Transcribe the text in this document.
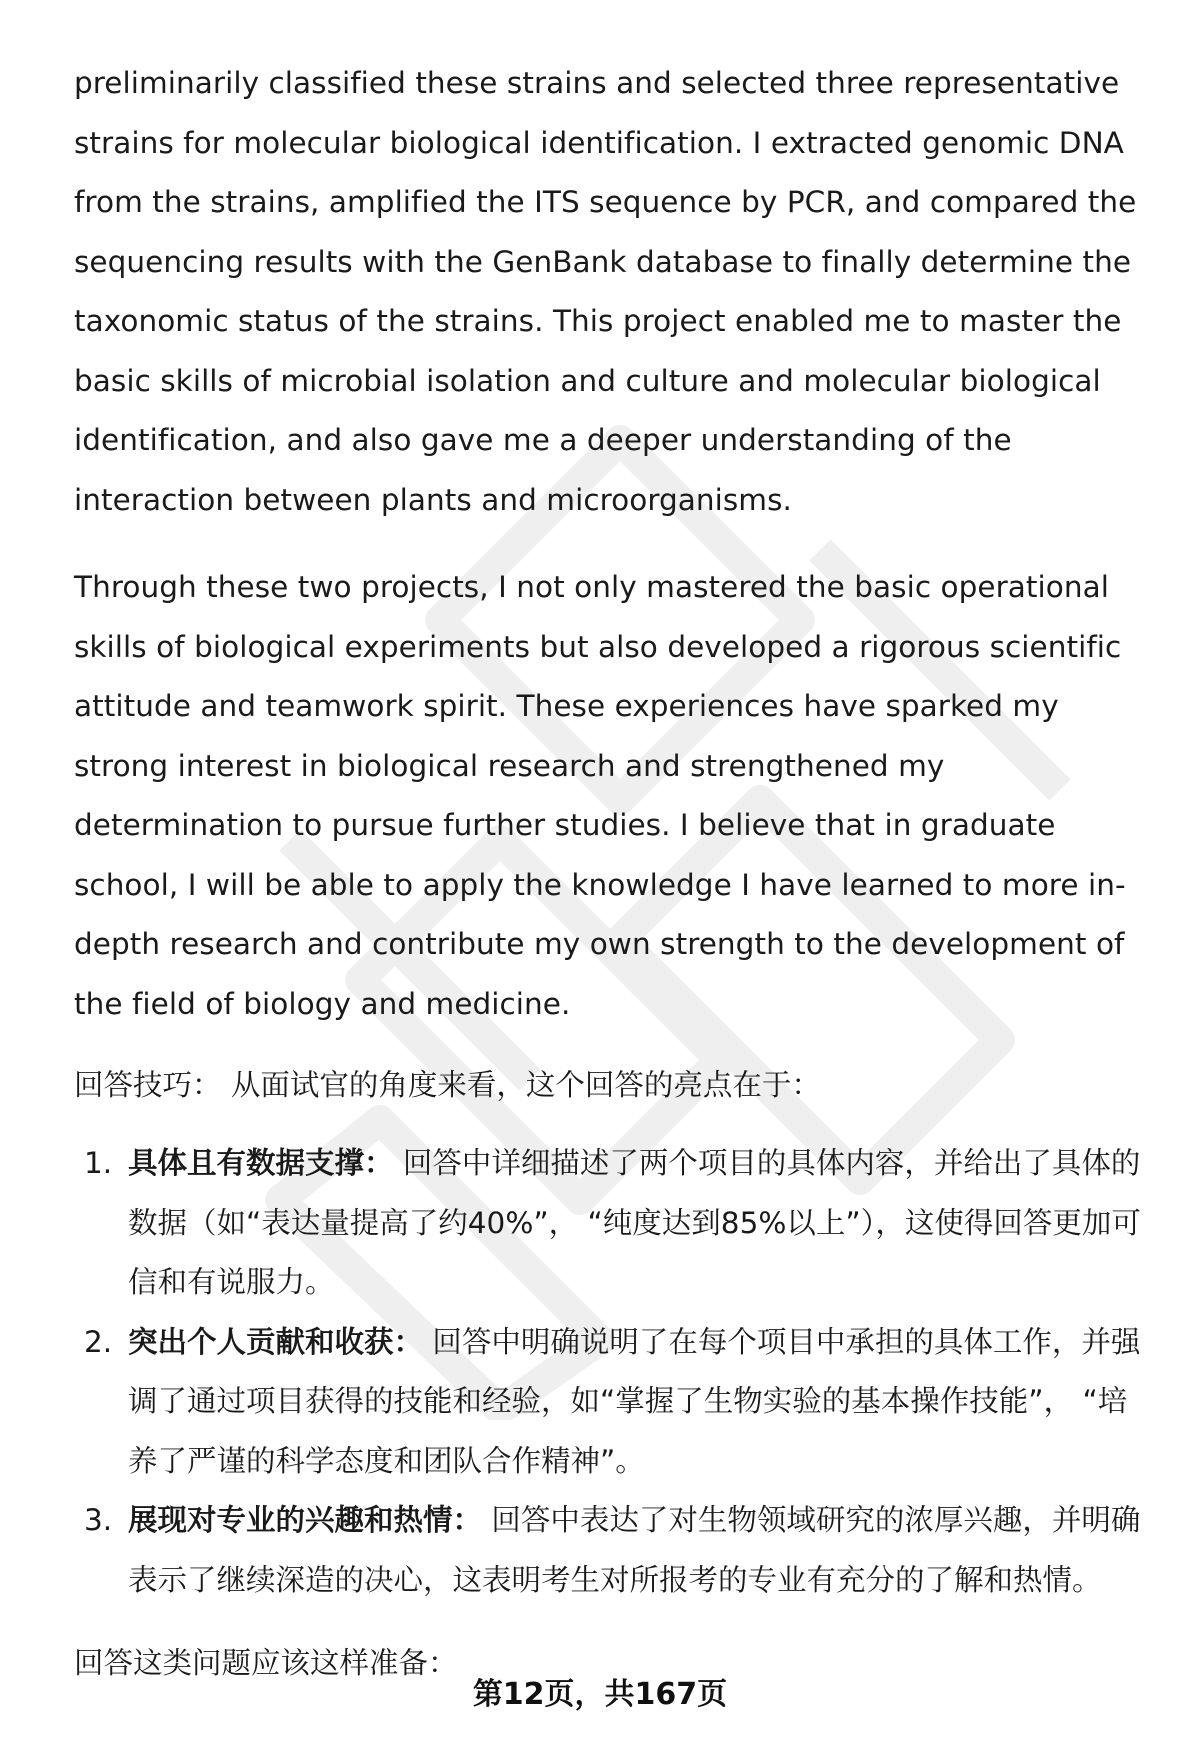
preliminarily classified these strains and selected three representative strains for molecular biological identification. I extracted genomic DNA from the strains, amplified the ITS sequence by PCR, and compared the sequencing results with the GenBank database to finally determine the taxonomic status of the strains. This project enabled me to master the basic skills of microbial isolation and culture and molecular biological identification, and also gave me a deeper understanding of the interaction between plants and microorganisms.

Through these two projects, I not only mastered the basic operational skills of biological experiments but also developed a rigorous scientific attitude and teamwork spirit. These experiences have sparked my strong interest in biological research and strengthened my determination to pursue further studies. I believe that in graduate school, I will be able to apply the knowledge I have learned to more in-depth research and contribute my own strength to the development of the field of biology and medicine.

回答技巧： 从面试官的角度来看，这个回答的亮点在于：
1. 具体且有数据支撑： 回答中详细描述了两个项目的具体内容，并给出了具体的数据（如“表达量提高了约40%”， “纯度达到85%以上”），这使得回答更加可信和有说服力。
2. 突出个人贡献和收获： 回答中明确说明了在每个项目中承担的具体工作，并强调了通过项目获得的技能和经验，如“掌握了生物实验的基本操作技能”， “培养了严谨的科学态度和团队合作精神”。
3. 展现对专业的兴趣和热情： 回答中表达了对生物领域研究的浓厚兴趣，并明确表示了继续深造的决心，这表明考生对所报考的专业有充分的了解和热情。
回答这类问题应该这样准备：
第12页，共167页
